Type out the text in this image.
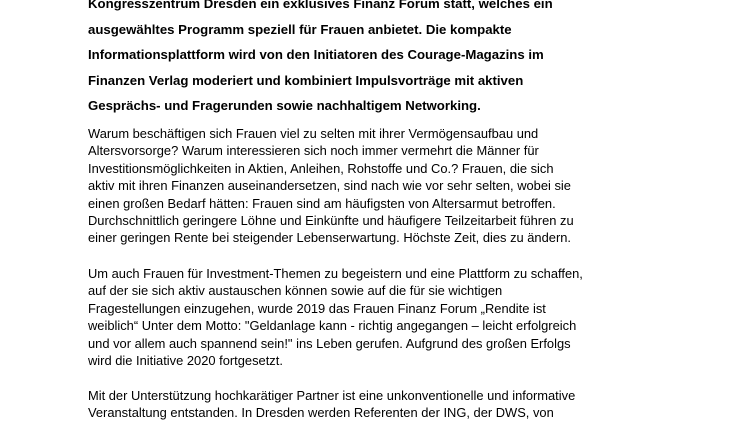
Kongresszentrum Dresden ein exklusives Finanz Forum statt, welches ein
ausgewähltes Programm speziell für Frauen anbietet. Die kompakte
Informationsplattform wird von den Initiatoren des Courage-Magazins im
Finanzen Verlag moderiert und kombiniert Impulsvorträge mit aktiven
Gesprächs- und Fragerunden sowie nachhaltigem Networking.
Warum beschäftigen sich Frauen viel zu selten mit ihrer Vermögensaufbau und
Altersvorsorge? Warum interessieren sich noch immer vermehrt die Männer für
Investitionsmöglichkeiten in Aktien, Anleihen, Rohstoffe und Co.? Frauen, die sich
aktiv mit ihren Finanzen auseinandersetzen, sind nach wie vor sehr selten, wobei sie
einen großen Bedarf hätten: Frauen sind am häufigsten von Altersarmut betroffen.
Durchschnittlich geringere Löhne und Einkünfte und häufigere Teilzeitarbeit führen zu
einer geringen Rente bei steigender Lebenserwartung. Höchste Zeit, dies zu ändern.
Um auch Frauen für Investment-Themen zu begeistern und eine Plattform zu schaffen,
auf der sie sich aktiv austauschen können sowie auf die für sie wichtigen
Fragestellungen einzugehen, wurde 2019 das Frauen Finanz Forum „Rendite ist
weiblich“ Unter dem Motto: "Geldanlage kann - richtig angegangen – leicht erfolgreich
und vor allem auch spannend sein!" ins Leben gerufen. Aufgrund des großen Erfolgs
wird die Initiative 2020 fortgesetzt.
Mit der Unterstützung hochkarätiger Partner ist eine unkonventionelle und informative
Veranstaltung entstanden. In Dresden werden Referenten der ING, der DWS, von
